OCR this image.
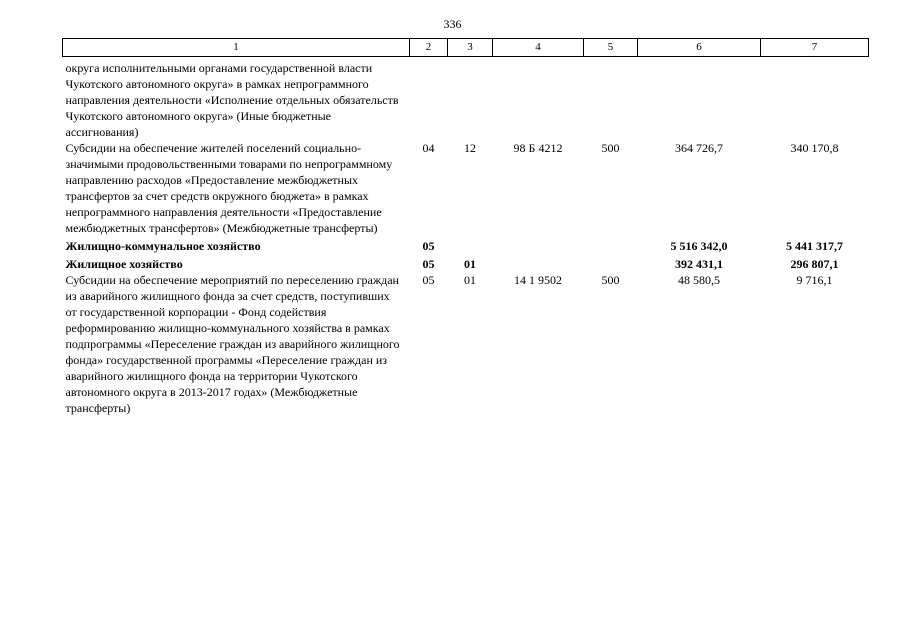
336
1	2	3	4	5	6	7
округа исполнительными органами государственной власти Чукотского автономного округа» в рамках непрограммного направления деятельности «Исполнение отдельных обязательств Чукотского автономного округа» (Иные бюджетные ассигнования)						
Субсидии на обеспечение жителей поселений социально-значимыми продовольственными товарами по непрограммному направлению расходов «Предоставление межбюджетных трансфертов за счет средств окружного бюджета» в рамках непрограммного направления деятельности «Предоставление межбюджетных трансфертов» (Межбюджетные трансферты)	04	12	98 Б 4212	500	364 726,7	340 170,8
Жилищно-коммунальное хозяйство	05				5 516 342,0	5 441 317,7
Жилищное хозяйство	05	01			392 431,1	296 807,1
Субсидии на обеспечение мероприятий по переселению граждан из аварийного жилищного фонда за счет средств, поступивших от государственной корпорации - Фонд содействия реформированию жилищно-коммунального хозяйства в рамках подпрограммы «Переселение граждан из аварийного жилищного фонда» государственной программы «Переселение граждан из аварийного жилищного фонда на территории Чукотского автономного округа в 2013-2017 годах» (Межбюджетные трансферты)	05	01	14 1 9502	500	48 580,5	9 716,1
